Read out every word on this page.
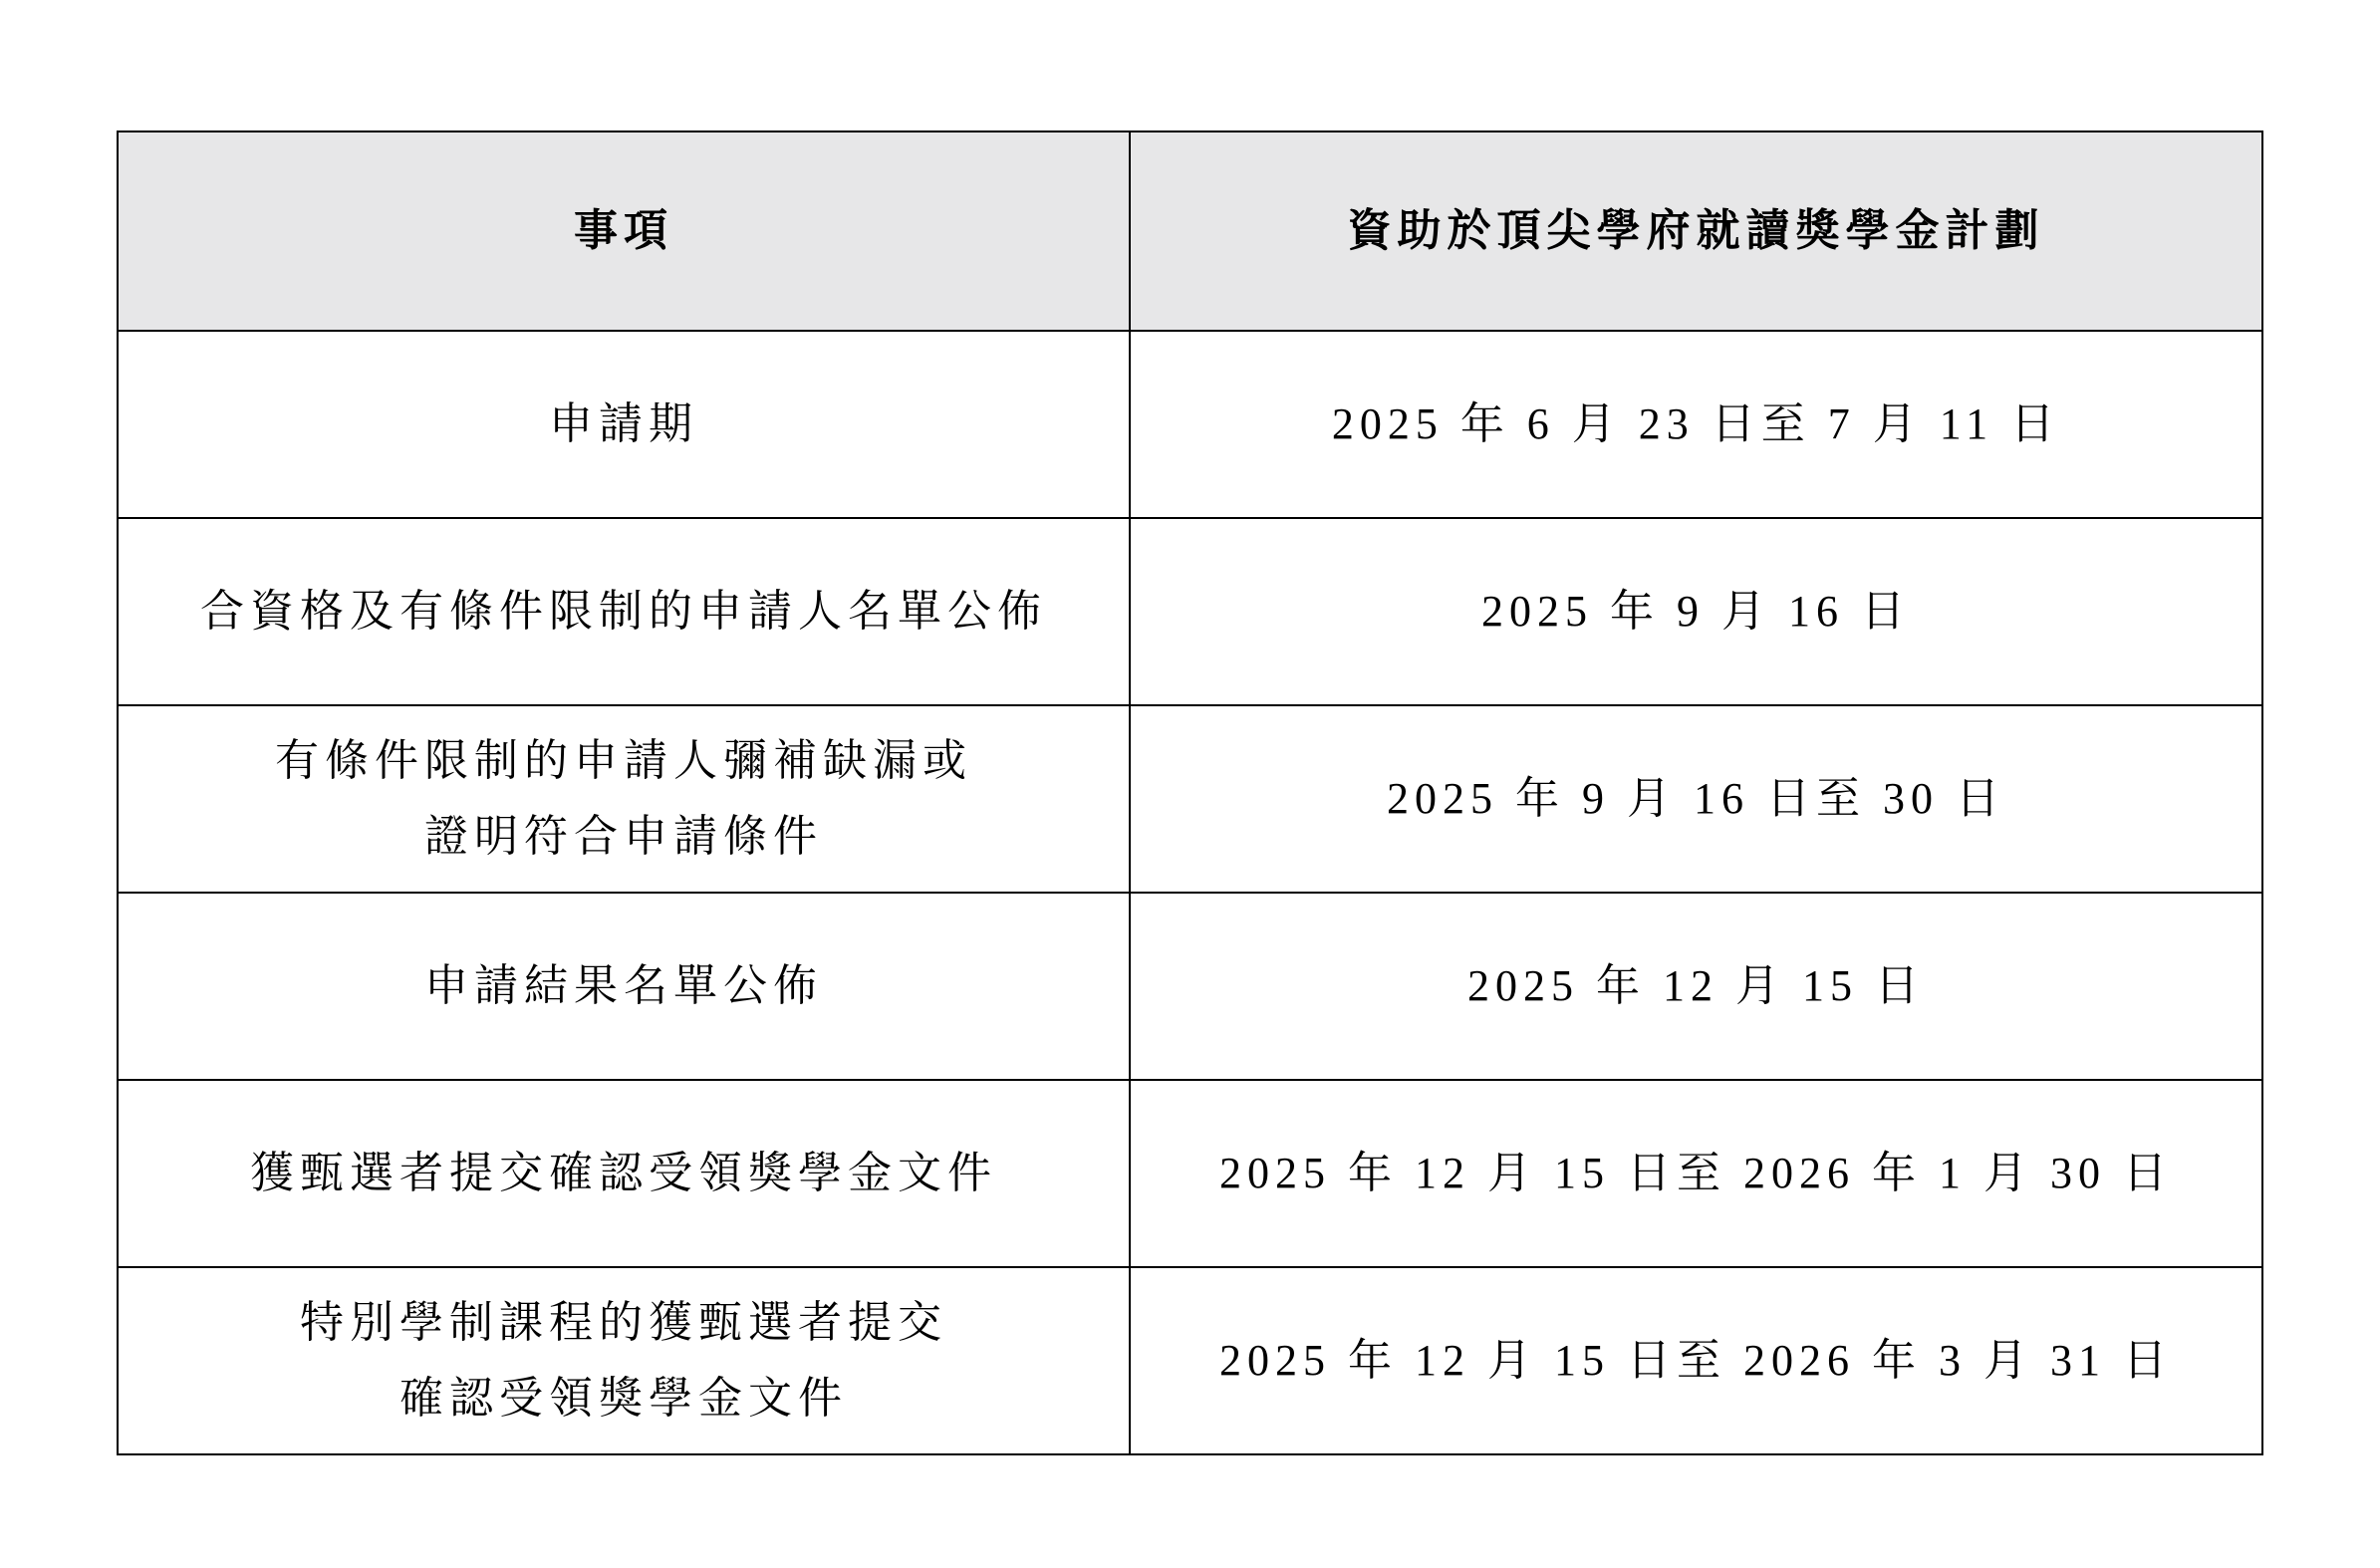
事項	資助於頂尖學府就讀獎學金計劃

申請期	2025 年 6 月 23 日至 7 月 11 日

合資格及有條件限制的申請人名單公佈	2025 年 9 月 16 日

有條件限制的申請人彌補缺漏或
證明符合申請條件	2025 年 9 月 16 日至 30 日

申請結果名單公佈	2025 年 12 月 15 日

獲甄選者提交確認受領獎學金文件	2025 年 12 月 15 日至 2026 年 1 月 30 日

特別學制課程的獲甄選者提交
確認受領獎學金文件	2025 年 12 月 15 日至 2026 年 3 月 31 日
